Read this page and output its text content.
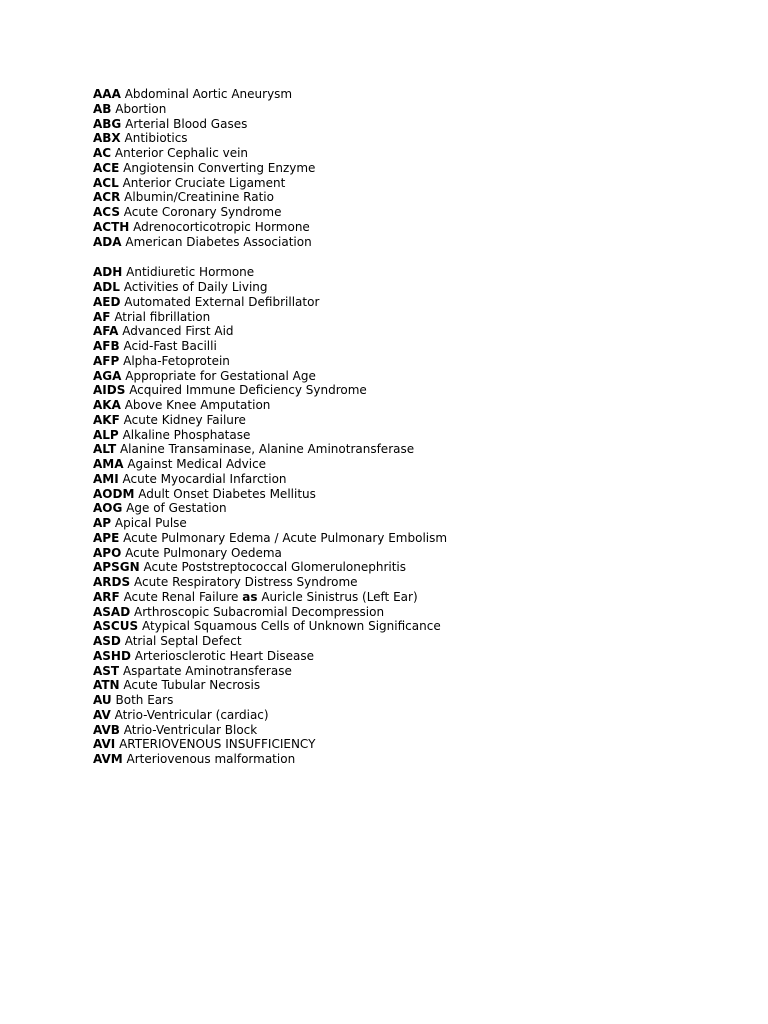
AAA Abdominal Aortic Aneurysm
AB Abortion
ABG Arterial Blood Gases
ABX Antibiotics
AC Anterior Cephalic vein
ACE Angiotensin Converting Enzyme
ACL Anterior Cruciate Ligament
ACR Albumin/Creatinine Ratio
ACS Acute Coronary Syndrome
ACTH Adrenocorticotropic Hormone
ADA American Diabetes Association
ADH Antidiuretic Hormone
ADL Activities of Daily Living
AED Automated External Defibrillator
AF Atrial fibrillation
AFA Advanced First Aid
AFB Acid-Fast Bacilli
AFP Alpha-Fetoprotein
AGA Appropriate for Gestational Age
AIDS Acquired Immune Deficiency Syndrome
AKA Above Knee Amputation
AKF Acute Kidney Failure
ALP Alkaline Phosphatase
ALT Alanine Transaminase, Alanine Aminotransferase
AMA Against Medical Advice
AMI Acute Myocardial Infarction
AODM Adult Onset Diabetes Mellitus
AOG Age of Gestation
AP Apical Pulse
APE Acute Pulmonary Edema / Acute Pulmonary Embolism
APO Acute Pulmonary Oedema
APSGN Acute Poststreptococcal Glomerulonephritis
ARDS Acute Respiratory Distress Syndrome
ARF Acute Renal Failure as Auricle Sinistrus (Left Ear)
ASAD Arthroscopic Subacromial Decompression
ASCUS Atypical Squamous Cells of Unknown Significance
ASD Atrial Septal Defect
ASHD Arteriosclerotic Heart Disease
AST Aspartate Aminotransferase
ATN Acute Tubular Necrosis
AU Both Ears
AV Atrio-Ventricular (cardiac)
AVB Atrio-Ventricular Block
AVI ARTERIOVENOUS INSUFFICIENCY
AVM Arteriovenous malformation
